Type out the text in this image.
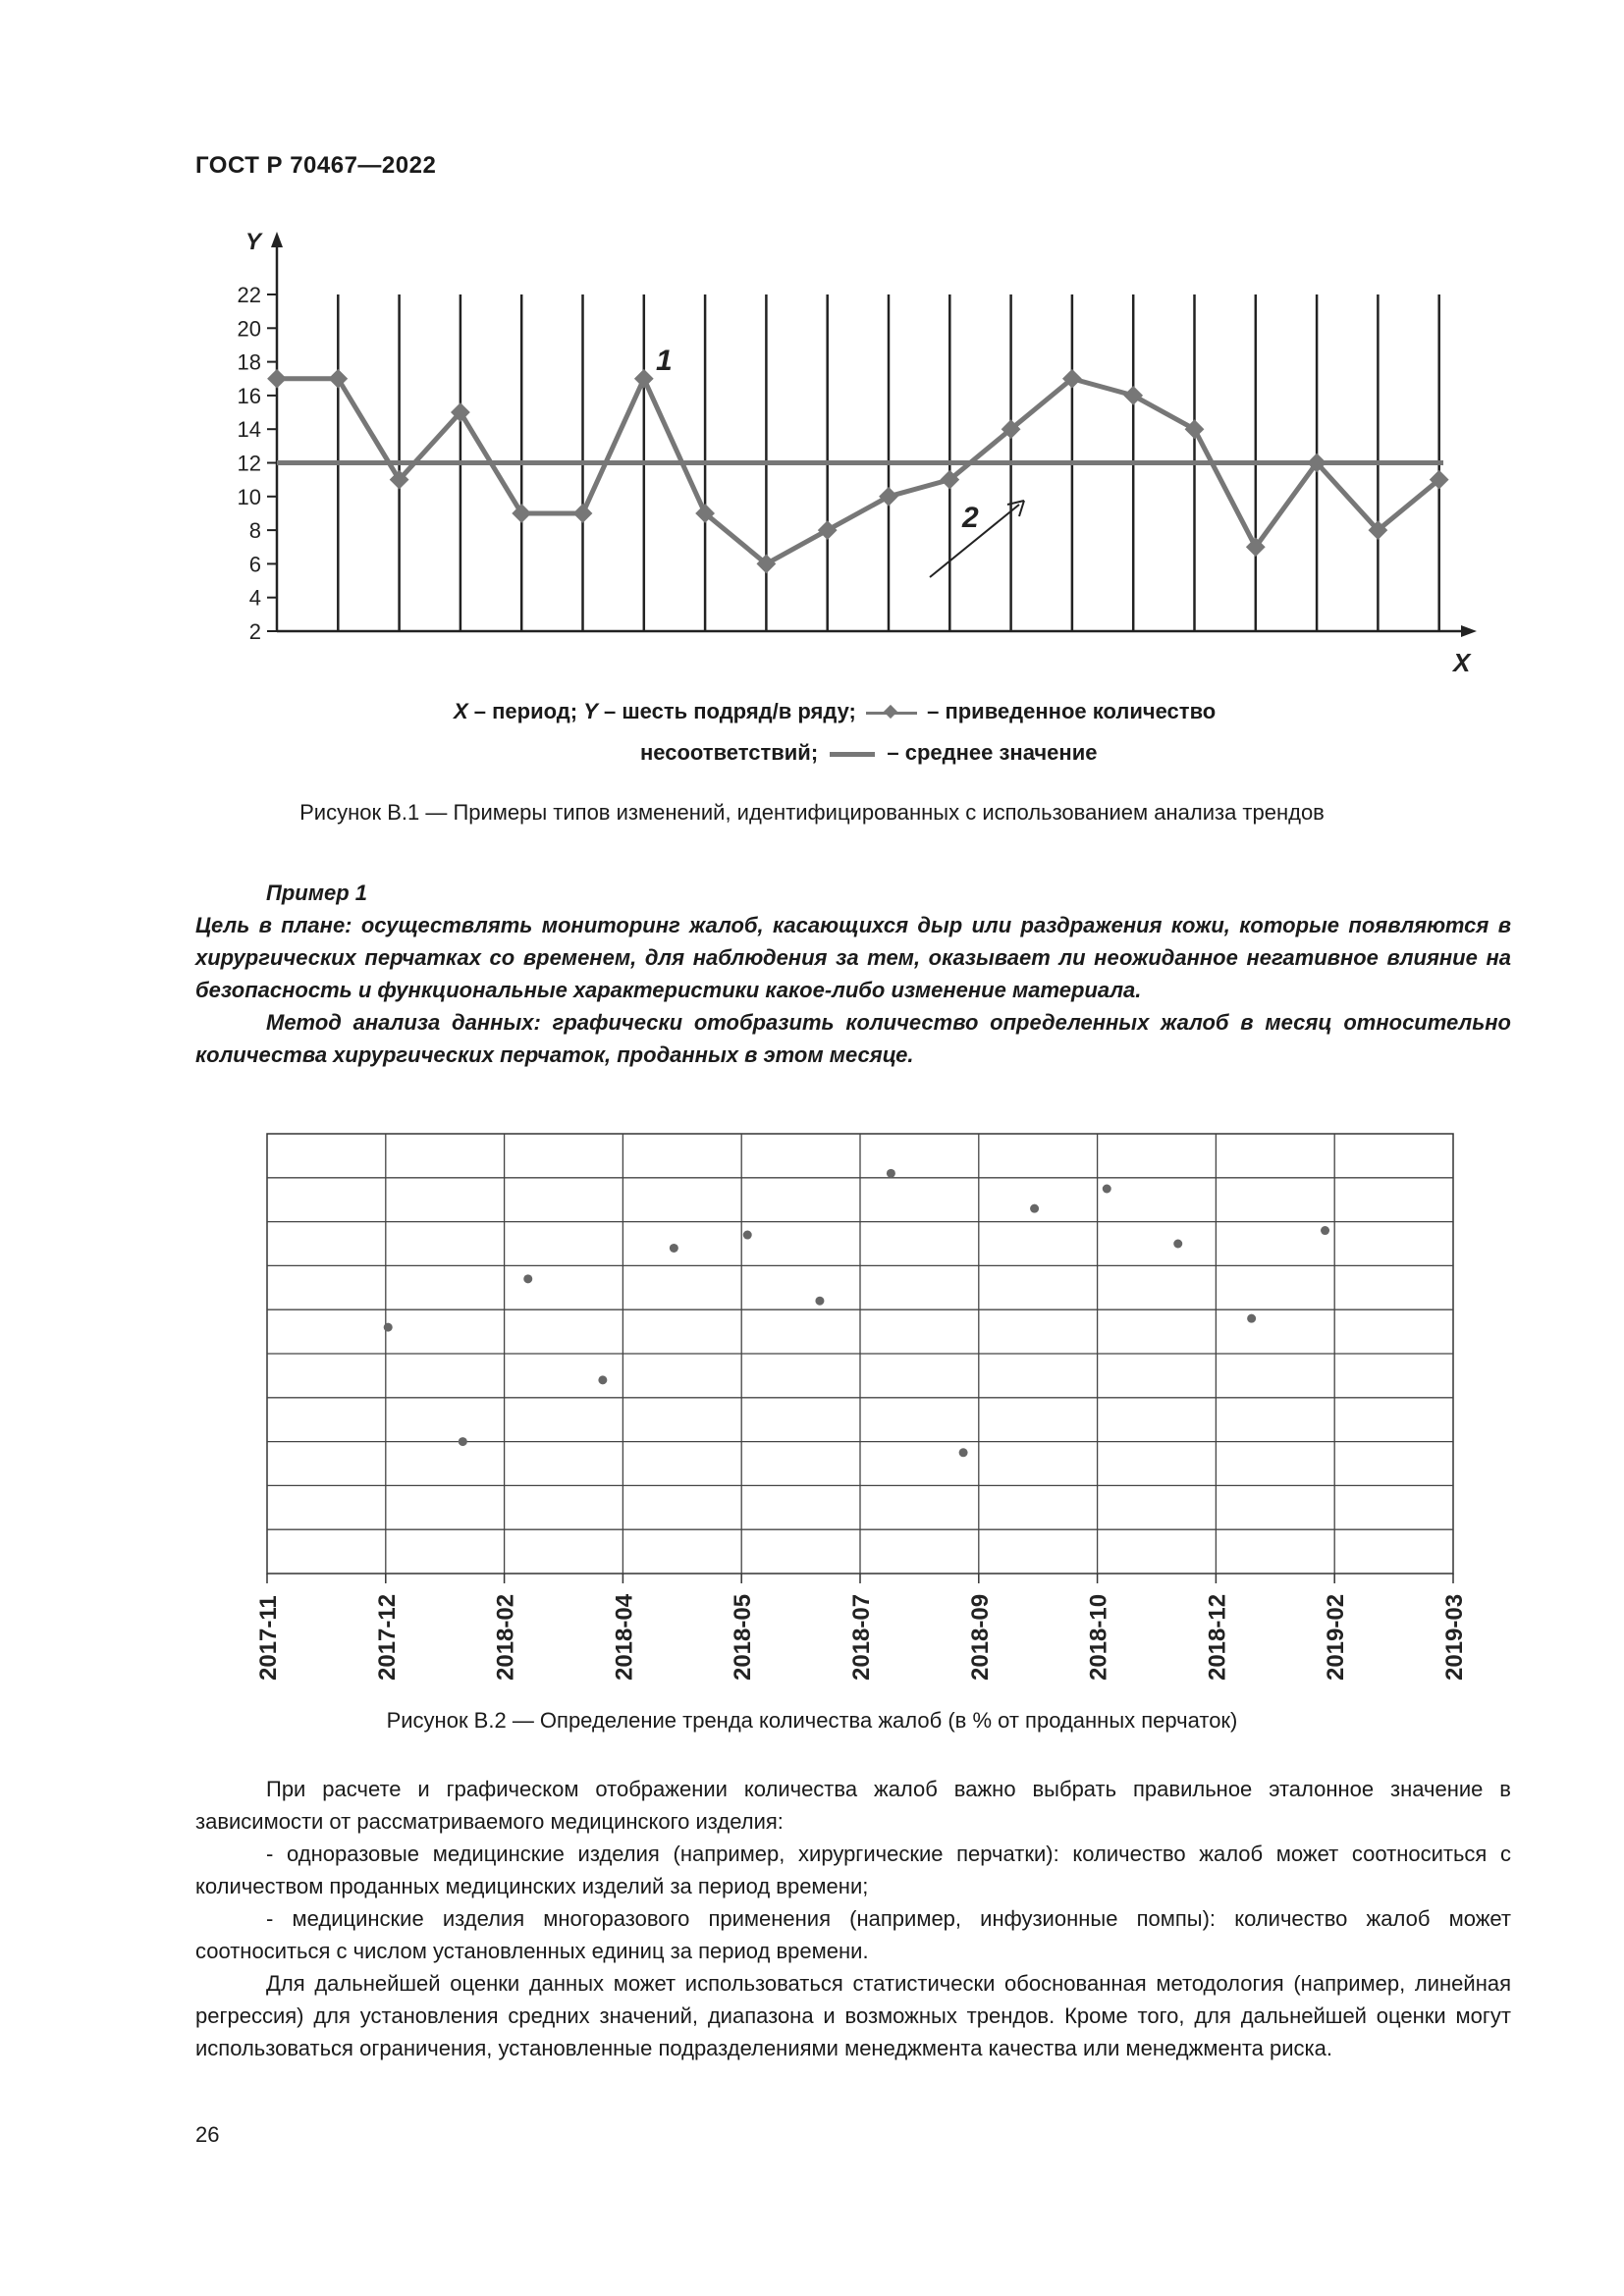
ГОСТ Р 70467—2022
2
4
6
8
10
12
14
16
18
20
22
Y
X
1
2
X – период; Y – шесть подряд/в ряду;	– приведенное количество
несоответствий;	– среднее значение
Рисунок В.1 — Примеры типов изменений, идентифицированных с использованием анализа трендов

Пример 1

Цель в плане: осуществлять мониторинг жалоб, касающихся дыр или раздражения кожи, которые появляются в хирургических перчатках со временем, для наблюдения за тем, оказывает ли неожиданное негативное влияние на безопасность и функциональные характеристики какое-либо изменение материала.

Метод анализа данных: графически отобразить количество определенных жалоб в месяц относительно количества хирургических перчаток, проданных в этом месяце.

2017-11	2017-12	2018-02	2018-04	2018-05	2018-07	2018-09	2018-10	2018-12	2019-02	2019-03
Рисунок В.2 — Определение тренда количества жалоб (в % от проданных перчаток)

При расчете и графическом отображении количества жалоб важно выбрать правильное эталонное значение в зависимости от рассматриваемого медицинского изделия:

- одноразовые медицинские изделия (например, хирургические перчатки): количество жалоб может соотноситься с количеством проданных медицинских изделий за период времени;

- медицинские изделия многоразового применения (например, инфузионные помпы): количество жалоб может соотноситься с числом установленных единиц за период времени.

Для дальнейшей оценки данных может использоваться статистически обоснованная методология (например, линейная регрессия) для установления средних значений, диапазона и возможных трендов. Кроме того, для дальнейшей оценки могут использоваться ограничения, установленные подразделениями менеджмента качества или менеджмента риска.

26
